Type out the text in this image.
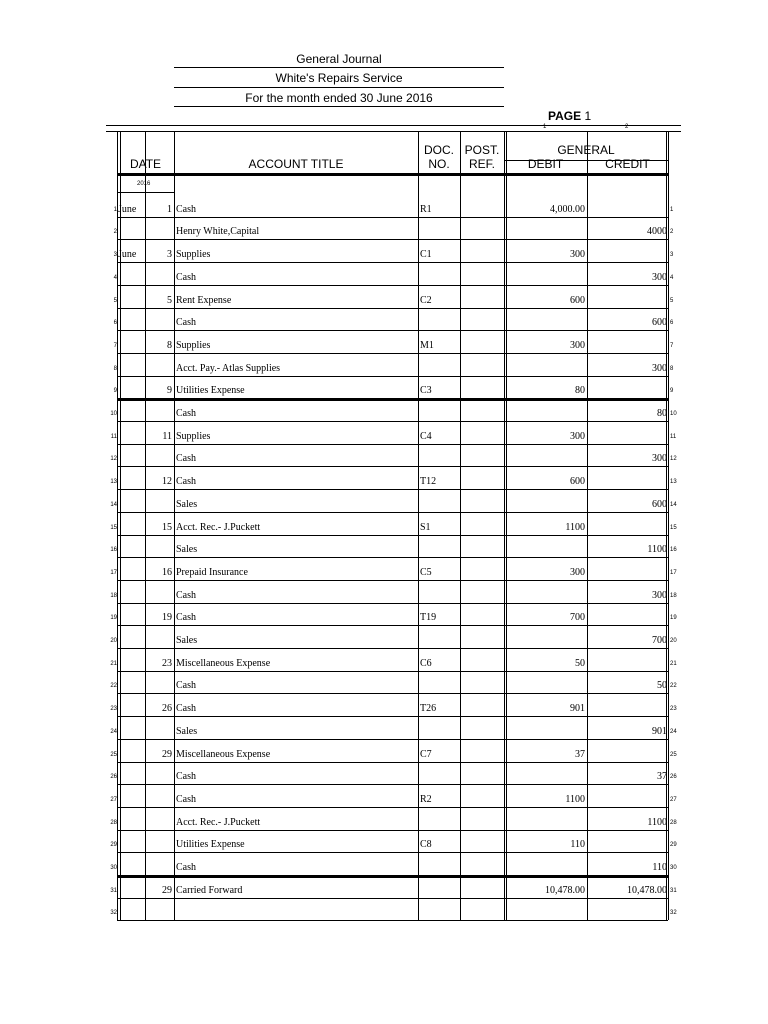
General Journal
White's Repairs Service
For the month ended 30 June 2016
PAGE 1
1	2
DATE	ACCOUNT TITLE
DOC.
NO.
POST.
REF.
GENERAL
DEBIT	CREDIT
2016
1 June	1 Cash	R1	4,000.00	1
2	Henry White,Capital	4000 2
3 June	3 Supplies	C1	300	3
4	Cash	300 4
5	5 Rent Expense	C2	600	5
6	Cash	600 6
7	8 Supplies	M1	300	7
8	Acct. Pay.- Atlas Supplies	300 8
9	9 Utilities Expense	C3	80	9
10	Cash	80 10
11	11 Supplies	C4	300	11
12	Cash	300 12
13	12 Cash	T12	600	13
14	Sales	600 14
15	15 Acct. Rec.- J.Puckett	S1	1100	15
16	Sales	1100 16
17	16 Prepaid Insurance	C5	300	17
18	Cash	300 18
19	19 Cash	T19	700	19
20	Sales	700 20
21	23 Miscellaneous Expense	C6	50	21
22	Cash	50 22
23	26 Cash	T26	901	23
24	Sales	901 24
25	29 Miscellaneous Expense	C7	37	25
26	Cash	37 26
27	Cash	R2	1100	27
28	Acct. Rec.- J.Puckett	1100 28
29	Utilities Expense	C8	110	29
30	Cash	110 30
31	29 Carried Forward	10,478.00	10,478.00 31
32	32
